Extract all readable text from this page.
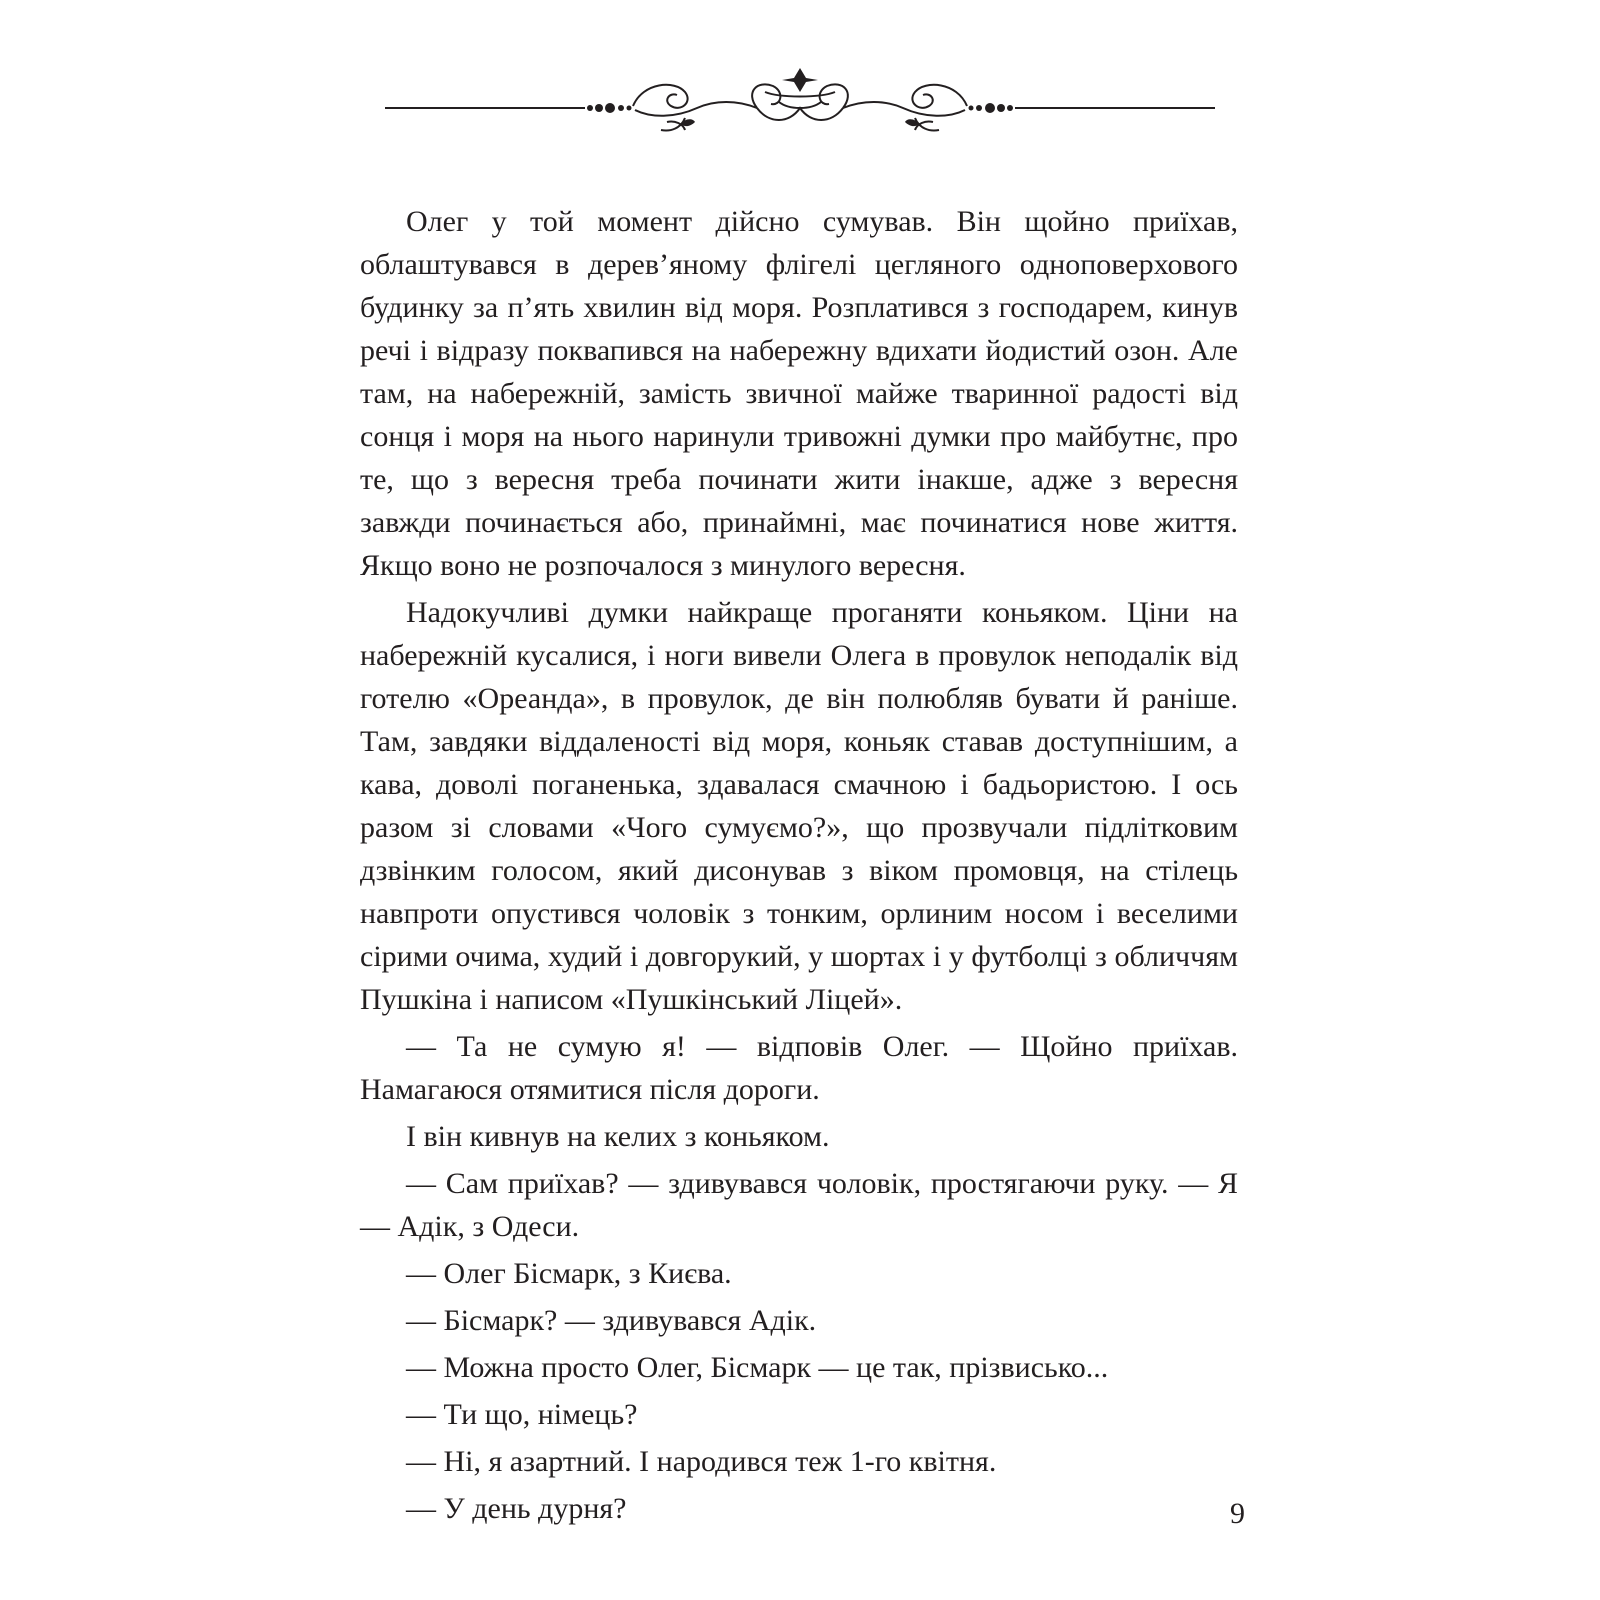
Олег у той момент дійсно сумував. Він щойно приїхав, облаштувався в дерев’яному флігелі цегляного одноповерхового будинку за п’ять хвилин від моря. Розплатився з господарем, кинув речі і відразу поквапився на набережну вдихати йодистий озон. Але там, на набережній, замість звичної майже тваринної радості від сонця і моря на нього наринули тривожні думки про майбутнє, про те, що з вересня треба починати жити інакше, адже з вересня завжди починається або, принаймні, має починатися нове життя. Якщо воно не розпочалося з минулого вересня.

Надокучливі думки найкраще проганяти коньяком. Ціни на набережній кусалися, і ноги вивели Олега в провулок неподалік від готелю «Ореанда», в провулок, де він полюбляв бувати й раніше. Там, завдяки віддаленості від моря, коньяк ставав доступнішим, а кава, доволі поганенька, здавалася смачною і бадьористою. І ось разом зі словами «Чого сумуємо?», що прозвучали підлітковим дзвінким голосом, який дисонував з віком промовця, на стілець навпроти опустився чоловік з тонким, орлиним носом і веселими сірими очима, худий і довгорукий, у шортах і у футболці з обличчям Пушкіна і написом «Пушкінський Ліцей».

— Та не сумую я! — відповів Олег. — Щойно приїхав. Намагаюся отямитися після дороги.

І він кивнув на келих з коньяком.

— Сам приїхав? — здивувався чоловік, простягаючи руку. — Я — Адік, з Одеси.

— Олег Бісмарк, з Києва.

— Бісмарк? — здивувався Адік.

— Можна просто Олег, Бісмарк — це так, прізвисько...

— Ти що, німець?

— Ні, я азартний. І народився теж 1-го квітня.

— У день дурня?	9
